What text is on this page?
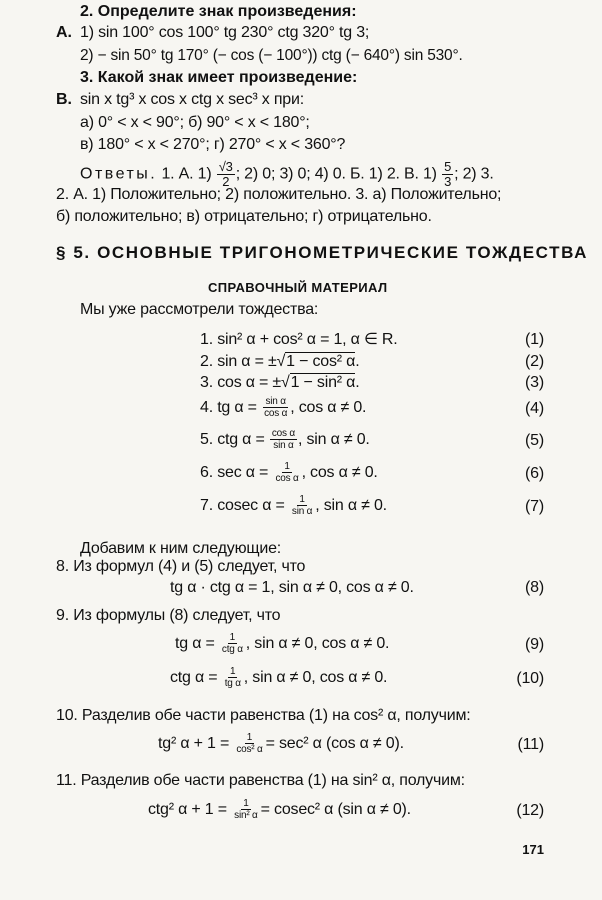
2. Определите знак произведения:
А. 1) sin 100° cos 100° tg 230° ctg 320° tg 3;
2) − sin 50° tg 170° (− cos (− 100°)) ctg (− 640°) sin 530°.
3. Какой знак имеет произведение:
В. sin x tg³ x cos x ctg x sec³ x при:
а) 0° < x < 90°; б) 90° < x < 180°;
в) 180° < x < 270°; г) 270° < x < 360°?
Ответы. 1. А. $1) \frac{√3}{2}$ ; 2) 0; 3) 0; 4) 0. Б. 1) 2. В. $1) \frac{5}{3}$ ; 2) 3.
2. А. 1) Положительно; 2) положительно. 3. а) Положительно;
б) положительно; в) отрицательно; г) отрицательно.
§ 5. ОСНОВНЫЕ ТРИГОНОМЕТРИЧЕСКИЕ ТОЖДЕСТВА
СПРАВОЧНЫЙ МАТЕРИАЛ
Мы уже рассмотрели тождества:
1. sin² α + cos² α = 1, α ∈ R.	(1)
2. sin α = ±√1 − cos² α.	(2)
3. cos α = ±√1 − sin² α.	(3)
4. tg $\alpha = \frac{\text{sin α}}{\text{cos α}}$ , cos α ≠ 0.	(4)
5. ctg $\alpha = \frac{\text{cos α}}{\text{sin α}}$ , sin α ≠ 0.	(5)
6. $\sec \alpha = \frac{1}{\text{cos α}}$ , cos α ≠ 0.	(6)
7. cosec $\alpha = \frac{1}{\text{sin α}}$ , sin α ≠ 0.	(7)
Добавим к ним следующие:
8. Из формул (4) и (5) следует, что
tg α · ctg α = 1, sin α ≠ 0, cos α ≠ 0.	(8)
9. Из формулы (8) следует, что
tg $\alpha = \frac{1}{\text{ctg α}}$ , sin α ≠ 0, cos α ≠ 0.	(9)
ctg $\alpha = \frac{1}{\text{tg α}}$ , sin α ≠ 0, cos α ≠ 0.	(10)
10. Разделив обе части равенства (1) на cos² α, получим:
tg² $\alpha + 1 = \frac{1}{\text{cos² α}} = \sec^2$ α (cos α ≠ 0).	(11)
11. Разделив обе части равенства (1) на sin² α, получим:
ctg² $\alpha + 1 = \frac{1}{\text{sin² α}} = cosec^2$ α (sin α ≠ 0).	(12)
171
